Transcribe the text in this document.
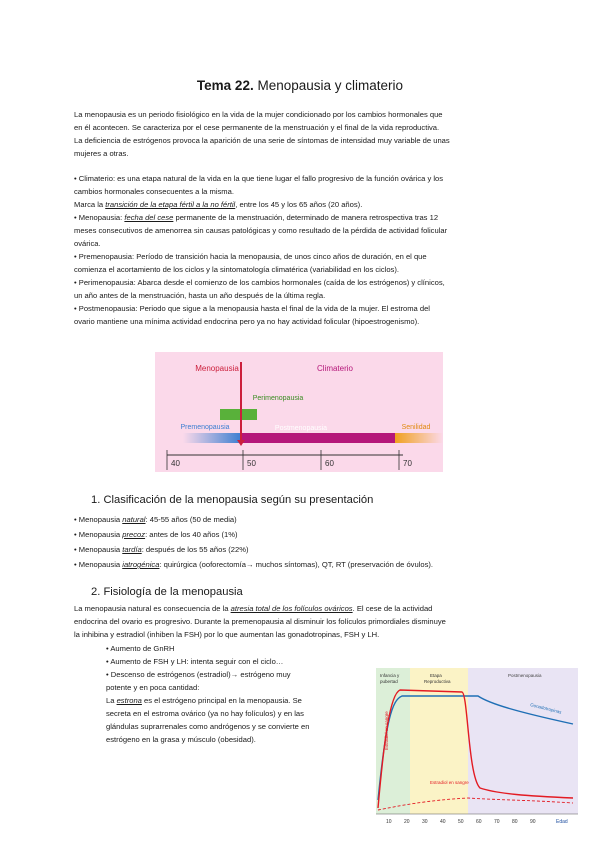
Tema 22. Menopausia y climaterio
La menopausia es un periodo fisiológico en la vida de la mujer condicionado por los cambios hormonales que
en él acontecen. Se caracteriza por el cese permanente de la menstruación y el final de la vida reproductiva.
La deficiencia de estrógenos provoca la aparición de una serie de síntomas de intensidad muy variable de unas
mujeres a otras.
• Climaterio: es una etapa natural de la vida en la que tiene lugar el fallo progresivo de la función ovárica y los
cambios hormonales consecuentes a la misma.
Marca la transición de la etapa fértil a la no fértil, entre los 45 y los 65 años (20 años).
• Menopausia: fecha del cese permanente de la menstruación, determinado de manera retrospectiva tras 12
meses consecutivos de amenorrea sin causas patológicas y como resultado de la pérdida de actividad folicular
ovárica.
• Premenopausia: Período de transición hacia la menopausia, de unos cinco años de duración, en el que
comienza el acortamiento de los ciclos y la sintomatología climatérica (variabilidad en los ciclos).
• Perimenopausia: Abarca desde el comienzo de los cambios hormonales (caída de los estrógenos) y clínicos,
un año antes de la menstruación, hasta un año después de la última regla.
• Postmenopausia: Periodo que sigue a la menopausia hasta el final de la vida de la mujer. El estroma del
ovario mantiene una mínima actividad endocrina pero ya no hay actividad folicular (hipoestrogenismo).
Menopausia	Climaterio
Perimenopausia
Premenopausia	Postmenopausia	Senilidad
40	50	60	70
1. Clasificación de la menopausia según su presentación
• Menopausia natural: 45-55 años (50 de media)
• Menopausia precoz: antes de los 40 años (1%)
• Menopausia tardía: después de los 55 años (22%)
• Menopausia iatrogénica: quirúrgica (ooforectomía→ muchos síntomas), QT, RT (preservación de óvulos).
2. Fisiología de la menopausia
La menopausia natural es consecuencia de la atresia total de los folículos ováricos. El cese de la actividad
endocrina del ovario es progresivo. Durante la premenopausia al disminuir los folículos primordiales disminuye
la inhibina y estradiol (inhiben la FSH) por lo que aumentan las gonadotropinas, FSH y LH.
• Aumento de GnRH
• Aumento de FSH y LH: intenta seguir con el ciclo…
• Descenso de estrógenos (estradiol)→ estrógeno muy
potente y en poca cantidad:
La estrona es el estrógeno principal en la menopausia. Se
secreta en el estroma ovárico (ya no hay folículos) y en las
glándulas suprarrenales como andrógenos y se convierte en
estrógeno en la grasa y músculo (obesidad).
Infancia y
pubertad
Etapa
Reproductiva
Postmenopausia
Gonadotropinas
Estradiol en sangre
Estradiol en sangre
10 20 30 40 50 60 70 80 90	Edad
